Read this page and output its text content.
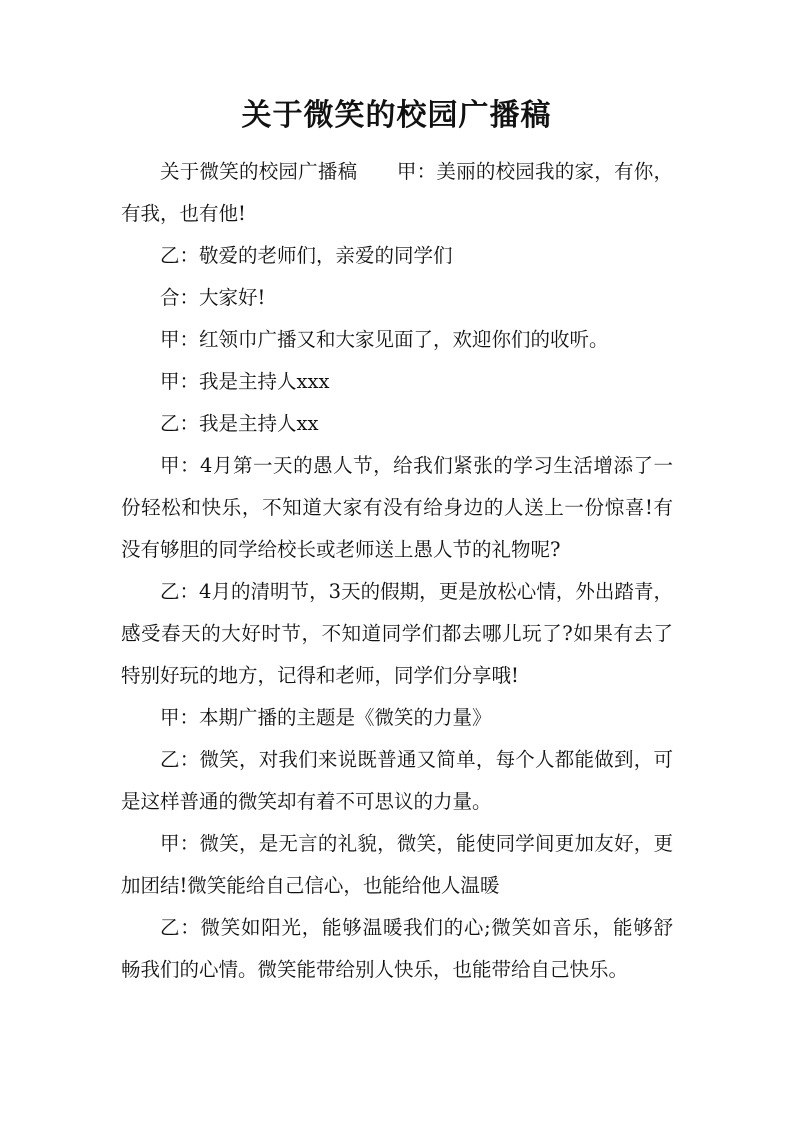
关于微笑的校园广播稿

关于微笑的校园广播稿　　甲：美丽的校园我的家，有你，有我，也有他!

乙：敬爱的老师们，亲爱的同学们

合：大家好!

甲：红领巾广播又和大家见面了，欢迎你们的收听。

甲：我是主持人xxx

乙：我是主持人xx

甲：4月第一天的愚人节，给我们紧张的学习生活增添了一份轻松和快乐，不知道大家有没有给身边的人送上一份惊喜!有没有够胆的同学给校长或老师送上愚人节的礼物呢?

乙：4月的清明节，3天的假期，更是放松心情，外出踏青，感受春天的大好时节，不知道同学们都去哪儿玩了?如果有去了特别好玩的地方，记得和老师，同学们分享哦!

甲：本期广播的主题是《微笑的力量》

乙：微笑，对我们来说既普通又简单，每个人都能做到，可是这样普通的微笑却有着不可思议的力量。

甲：微笑，是无言的礼貌，微笑，能使同学间更加友好，更加团结!微笑能给自己信心，也能给他人温暖

乙：微笑如阳光，能够温暖我们的心;微笑如音乐，能够舒畅我们的心情。微笑能带给别人快乐，也能带给自己快乐。
